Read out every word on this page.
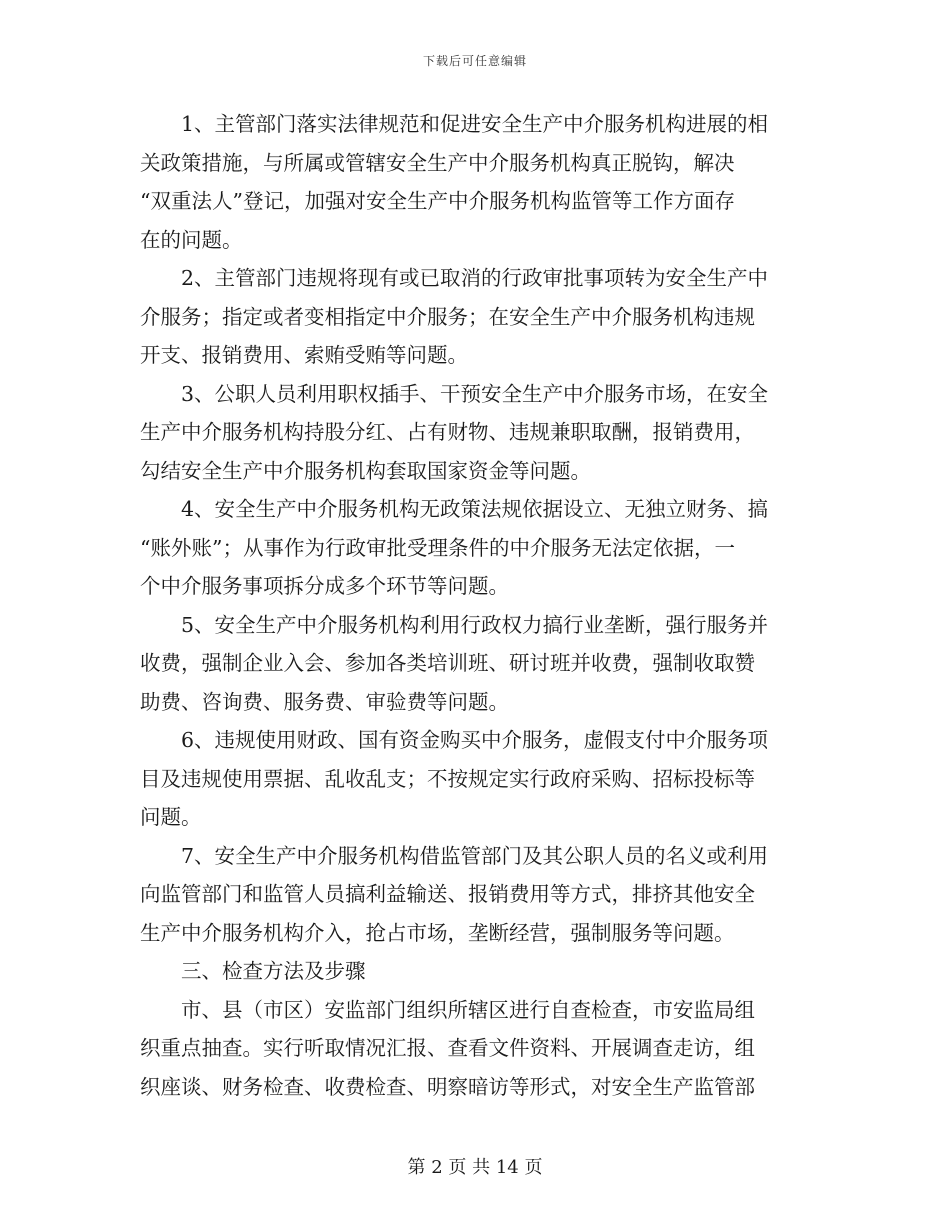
下载后可任意编辑

1、主管部门落实法律规范和促进安全生产中介服务机构进展的相
关政策措施，与所属或管辖安全生产中介服务机构真正脱钩，解决
“双重法人”登记，加强对安全生产中介服务机构监管等工作方面存
在的问题。

2、主管部门违规将现有或已取消的行政审批事项转为安全生产中
介服务；指定或者变相指定中介服务；在安全生产中介服务机构违规
开支、报销费用、索贿受贿等问题。

3、公职人员利用职权插手、干预安全生产中介服务市场，在安全
生产中介服务机构持股分红、占有财物、违规兼职取酬，报销费用，
勾结安全生产中介服务机构套取国家资金等问题。

4、安全生产中介服务机构无政策法规依据设立、无独立财务、搞
“账外账”；从事作为行政审批受理条件的中介服务无法定依据，一
个中介服务事项拆分成多个环节等问题。

5、安全生产中介服务机构利用行政权力搞行业垄断，强行服务并
收费，强制企业入会、参加各类培训班、研讨班并收费，强制收取赞
助费、咨询费、服务费、审验费等问题。

6、违规使用财政、国有资金购买中介服务，虚假支付中介服务项
目及违规使用票据、乱收乱支；不按规定实行政府采购、招标投标等
问题。

7、安全生产中介服务机构借监管部门及其公职人员的名义或利用
向监管部门和监管人员搞利益输送、报销费用等方式，排挤其他安全
生产中介服务机构介入，抢占市场，垄断经营，强制服务等问题。

三、检查方法及步骤

市、县（市区）安监部门组织所辖区进行自查检查，市安监局组
织重点抽查。实行听取情况汇报、查看文件资料、开展调查走访，组
织座谈、财务检查、收费检查、明察暗访等形式，对安全生产监管部

第 2 页 共 14 页
